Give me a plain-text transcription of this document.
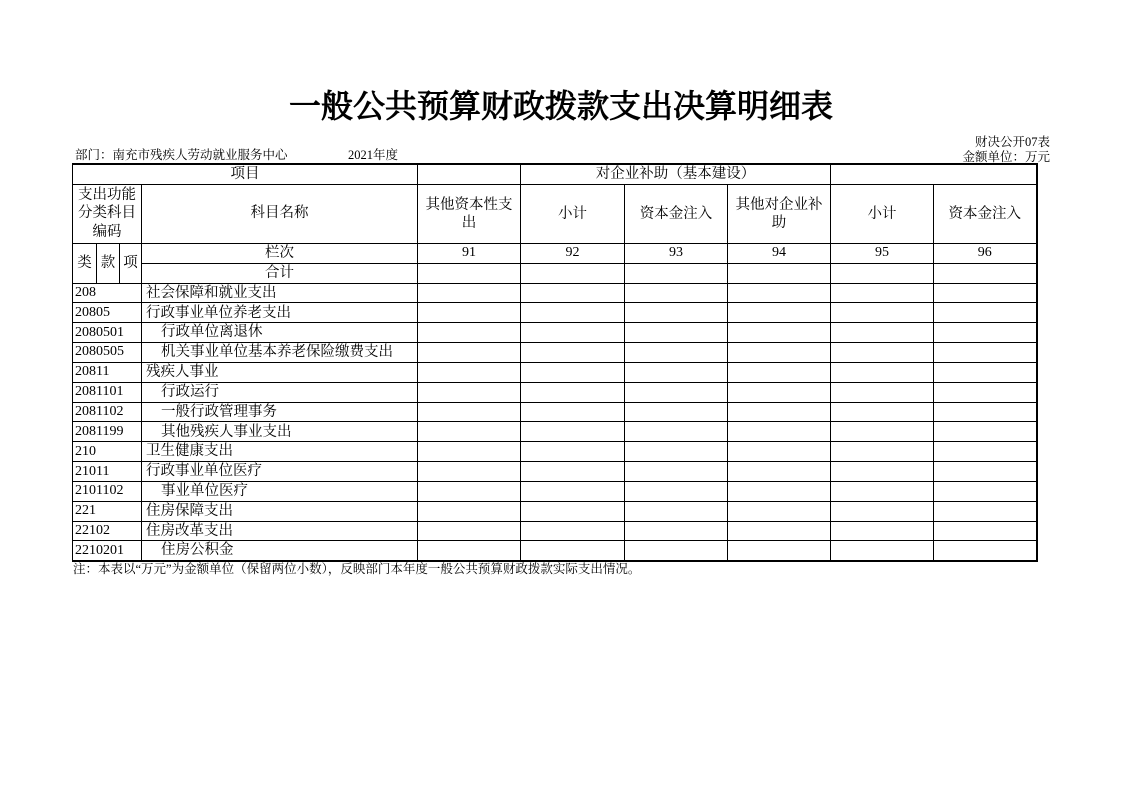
一般公共预算财政拨款支出决算明细表
财决公开07表
金额单位：万元
部门：南充市残疾人劳动就业服务中心	2021年度
项目					对企业补助（基本建设）				
支出功能分类科目编码			科目名称	其他资本性支出	小计	资本金注入	其他对企业补助	小计	资本金注入
类	款	项	栏次	91	92	93	94	95	96
			合计						
208			社会保障和就业支出						
20805			行政事业单位养老支出						
2080501			行政单位离退休						
2080505			机关事业单位基本养老保险缴费支出						
20811			残疾人事业						
2081101			行政运行						
2081102			一般行政管理事务						
2081199			其他残疾人事业支出						
210			卫生健康支出						
21011			行政事业单位医疗						
2101102			事业单位医疗						
221			住房保障支出						
22102			住房改革支出						
2210201			住房公积金						
注：本表以“万元”为金额单位（保留两位小数），反映部门本年度一般公共预算财政拨款实际支出情况。
